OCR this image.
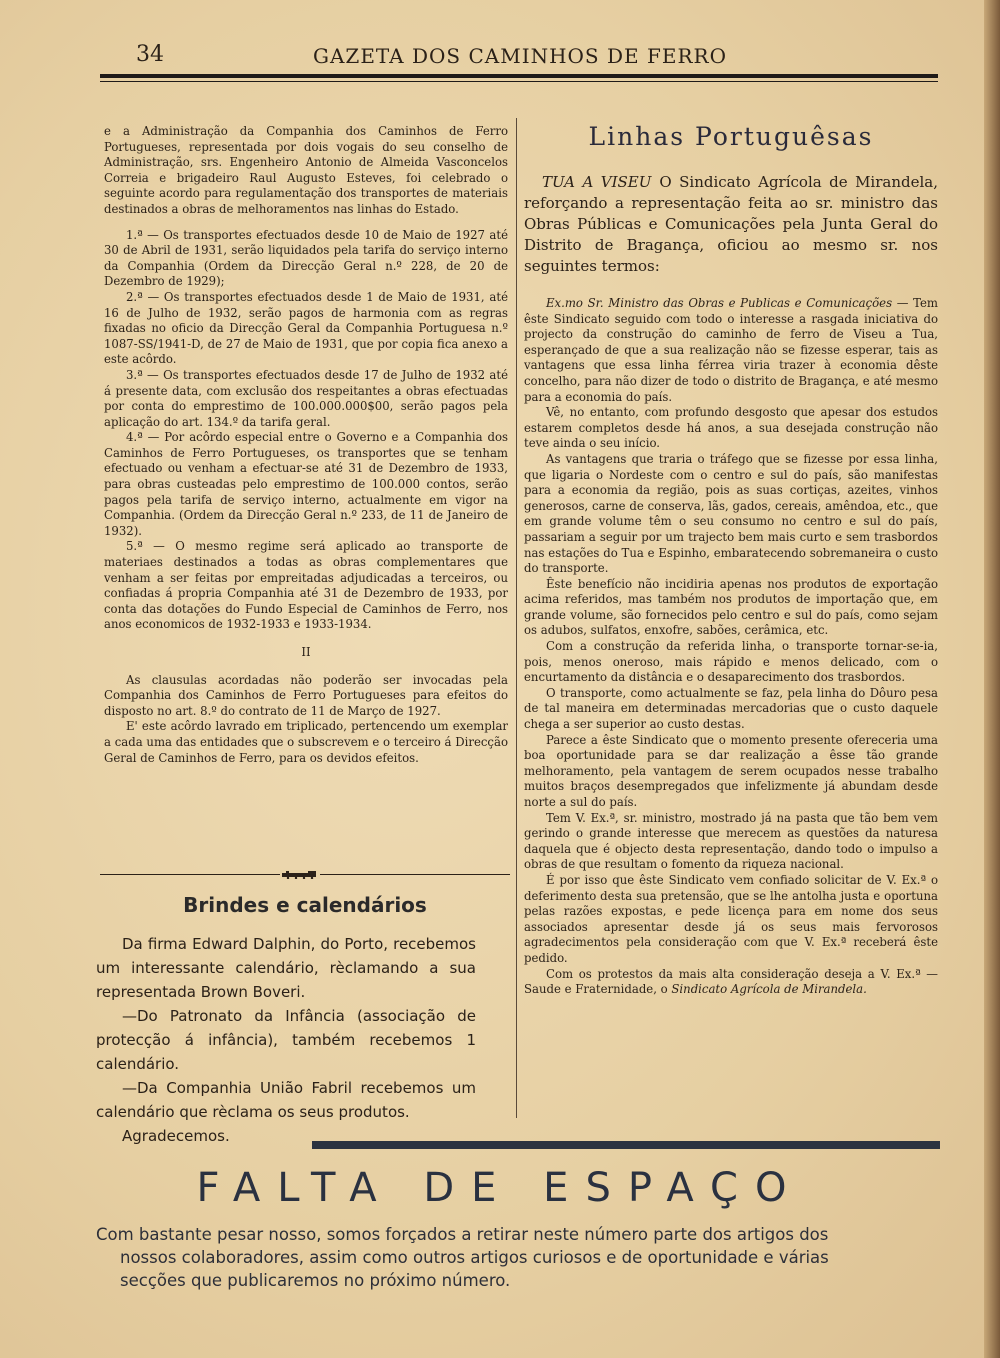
34	GAZETA DOS CAMINHOS DE FERRO

e a Administração da Companhia dos Caminhos de Ferro Portugueses, representada por dois vogais do seu conselho de Administração, srs. Engenheiro Antonio de Almeida Vasconcelos Correia e brigadeiro Raul Augusto Esteves, foi celebrado o seguinte acordo para regulamentação dos transportes de materiais destinados a obras de melhoramentos nas linhas do Estado.

1.ª — Os transportes efectuados desde 10 de Maio de 1927 até 30 de Abril de 1931, serão liquidados pela tarifa do serviço interno da Companhia (Ordem da Direcção Geral n.º 228, de 20 de Dezembro de 1929);

2.ª — Os transportes efectuados desde 1 de Maio de 1931, até 16 de Julho de 1932, serão pagos de harmonia com as regras fixadas no oficio da Direcção Geral da Companhia Portuguesa n.º 1087-SS/1941-D, de 27 de Maio de 1931, que por copia fica anexo a este acôrdo.

3.ª — Os transportes efectuados desde 17 de Julho de 1932 até á presente data, com exclusão dos respeitantes a obras efectuadas por conta do emprestimo de 100.000.000$00, serão pagos pela aplicação do art. 134.º da tarifa geral.

4.ª — Por acôrdo especial entre o Governo e a Companhia dos Caminhos de Ferro Portugueses, os transportes que se tenham efectuado ou venham a efectuar-se até 31 de Dezembro de 1933, para obras custeadas pelo emprestimo de 100.000 contos, serão pagos pela tarifa de serviço interno, actualmente em vigor na Companhia. (Ordem da Direcção Geral n.º 233, de 11 de Janeiro de 1932).

5.ª — O mesmo regime será aplicado ao transporte de materiaes destinados a todas as obras complementares que venham a ser feitas por empreitadas adjudicadas a terceiros, ou confiadas á propria Companhia até 31 de Dezembro de 1933, por conta das dotações do Fundo Especial de Caminhos de Ferro, nos anos economicos de 1932-1933 e 1933-1934.

II

As clausulas acordadas não poderão ser invocadas pela Companhia dos Caminhos de Ferro Portugueses para efeitos do disposto no art. 8.º do contrato de 11 de Março de 1927.

E' este acôrdo lavrado em triplicado, pertencendo um exemplar a cada uma das entidades que o subscrevem e o terceiro á Direcção Geral de Caminhos de Ferro, para os devidos efeitos.

Brindes e calendários

Da firma Edward Dalphin, do Porto, recebemos um interessante calendário, rèclamando a sua representada Brown Boveri.

—Do Patronato da Infância (associação de protecção á infância), também recebemos 1 calendário.

—Da Companhia União Fabril recebemos um calendário que rèclama os seus produtos.

Agradecemos.

Linhas Portuguêsas

TUA A VISEU O Sindicato Agrícola de Mirandela, reforçando a representação feita ao sr. ministro das Obras Públicas e Comunicações pela Junta Geral do Distrito de Bragança, oficiou ao mesmo sr. nos seguintes termos:

Ex.mo Sr. Ministro das Obras e Publicas e Comunicações — Tem êste Sindicato seguido com todo o interesse a rasgada iniciativa do projecto da construção do caminho de ferro de Viseu a Tua, esperançado de que a sua realização não se fizesse esperar, tais as vantagens que essa linha férrea viria trazer à economia dêste concelho, para não dizer de todo o distrito de Bragança, e até mesmo para a economia do país.

Vê, no entanto, com profundo desgosto que apesar dos estudos estarem completos desde há anos, a sua desejada construção não teve ainda o seu início.

As vantagens que traria o tráfego que se fizesse por essa linha, que ligaria o Nordeste com o centro e sul do país, são manifestas para a economia da região, pois as suas cortiças, azeites, vinhos generosos, carne de conserva, lãs, gados, cereais, amêndoa, etc., que em grande volume têm o seu consumo no centro e sul do país, passariam a seguir por um trajecto bem mais curto e sem trasbordos nas estações do Tua e Espinho, embaratecendo sobremaneira o custo do transporte.

Êste benefício não incidiria apenas nos produtos de exportação acima referidos, mas também nos produtos de importação que, em grande volume, são fornecidos pelo centro e sul do país, como sejam os adubos, sulfatos, enxofre, sabões, cerâmica, etc.

Com a construção da referida linha, o transporte tornar-se-ia, pois, menos oneroso, mais rápido e menos delicado, com o encurtamento da distância e o desaparecimento dos trasbordos.

O transporte, como actualmente se faz, pela linha do Dôuro pesa de tal maneira em determinadas mercadorias que o custo daquele chega a ser superior ao custo destas.

Parece a êste Sindicato que o momento presente ofereceria uma boa oportunidade para se dar realização a êsse tão grande melhoramento, pela vantagem de serem ocupados nesse trabalho muitos braços desempregados que infelizmente já abundam desde norte a sul do país.

Tem V. Ex.ª, sr. ministro, mostrado já na pasta que tão bem vem gerindo o grande interesse que merecem as questões da naturesa daquela que é objecto desta representação, dando todo o impulso a obras de que resultam o fomento da riqueza nacional.

É por isso que êste Sindicato vem confiado solicitar de V. Ex.ª o deferimento desta sua pretensão, que se lhe antolha justa e oportuna pelas razões expostas, e pede licença para em nome dos seus associados apresentar desde já os seus mais fervorosos agradecimentos pela consideração com que V. Ex.ª receberá êste pedido.

Com os protestos da mais alta consideração deseja a V. Ex.ª — Saude e Fraternidade, o Sindicato Agrícola de Mirandela.

FALTA DE ESPAÇO
Com bastante pesar nosso, somos forçados a retirar neste número parte dos artigos dos
nossos colaboradores, assim como outros artigos curiosos e de oportunidade e várias
secções que publicaremos no próximo número.
